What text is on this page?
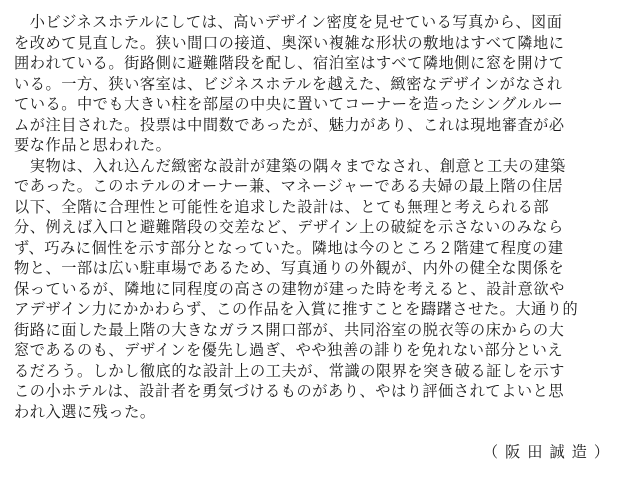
　小ビジネスホテルにしては、高いデザイン密度を見せている写真から、図面
を改めて見直した。狭い間口の接道、奥深い複雑な形状の敷地はすべて隣地に
囲われている。街路側に避難階段を配し、宿泊室はすべて隣地側に窓を開けて
いる。一方、狭い客室は、ビジネスホテルを越えた、緻密なデザインがなされ
ている。中でも大きい柱を部屋の中央に置いてコーナーを造ったシングルルー
ムが注目された。投票は中間数であったが、魅力があり、これは現地審査が必
要な作品と思われた。
　実物は、入れ込んだ緻密な設計が建築の隅々までなされ、創意と工夫の建築
であった。このホテルのオーナー兼、マネージャーである夫婦の最上階の住居
以下、全階に合理性と可能性を追求した設計は、とても無理と考えられる部
分、例えば入口と避難階段の交差など、デザイン上の破綻を示さないのみなら
ず、巧みに個性を示す部分となっていた。隣地は今のところ２階建て程度の建
物と、一部は広い駐車場であるため、写真通りの外観が、内外の健全な関係を
保っているが、隣地に同程度の高さの建物が建った時を考えると、設計意欲や
アデザイン力にかかわらず、この作品を入賞に推すことを躊躇させた。大通り的
街路に面した最上階の大きなガラス開口部が、共同浴室の脱衣等の床からの大
窓であるのも、デザインを優先し過ぎ、やや独善の誹りを免れない部分といえ
るだろう。しかし徹底的な設計上の工夫が、常識の限界を突き破る証しを示す
この小ホテルは、設計者を勇気づけるものがあり、やはり評価されてよいと思
われ入選に残った。
（阪田誠造）
